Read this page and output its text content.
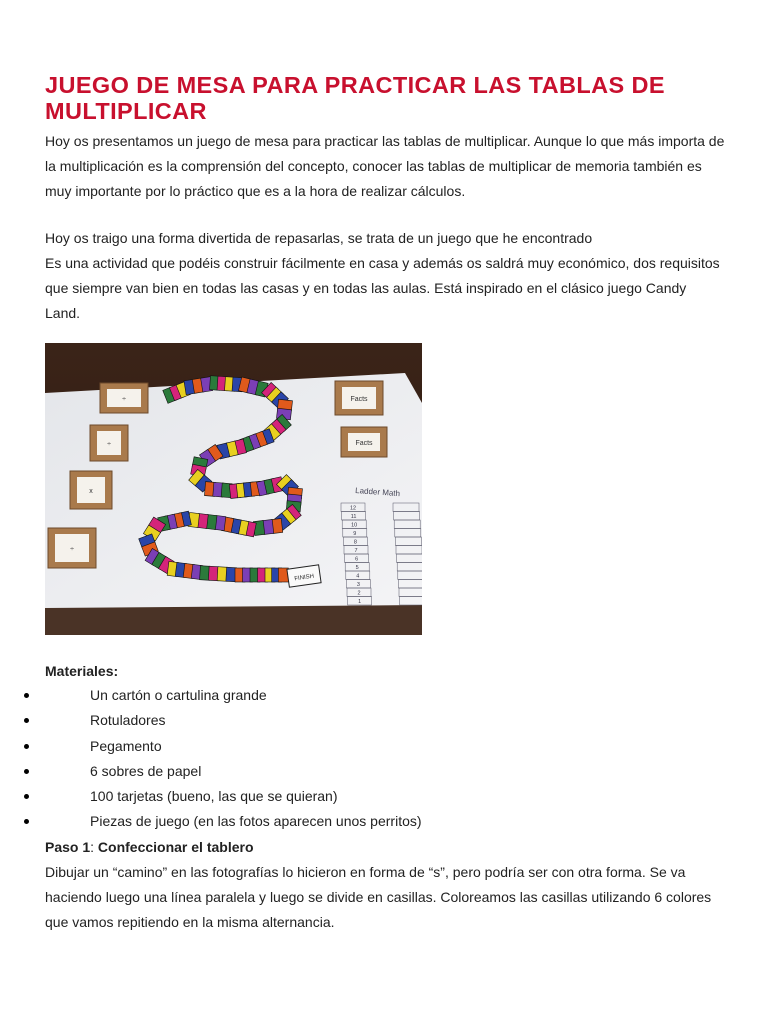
JUEGO DE MESA PARA PRACTICAR LAS TABLAS DE MULTIPLICAR

Hoy os presentamos un juego de mesa para practicar las tablas de multiplicar. Aunque lo que más importa de la multiplicación es la comprensión del concepto, conocer las tablas de multiplicar de memoria también es muy importante por lo práctico que es a la hora de realizar cálculos.

Hoy os traigo una forma divertida de repasarlas, se trata de un juego que he encontrado

Es una actividad que podéis construir fácilmente en casa y además os saldrá muy económico, dos requisitos que siempre van bien en todas las casas y en todas las aulas. Está inspirado en el clásico juego Candy Land.

÷
÷
x
÷
Facts
Facts
FINISH
Ladder Math
12
11
10
9
8
7
6
5
4
3
2
1
Materiales:
Un cartón o cartulina grande
Rotuladores
Pegamento
6 sobres de papel
100 tarjetas (bueno, las que se quieran)
Piezas de juego (en las fotos aparecen unos perritos)
Paso 1: Confeccionar el tablero

Dibujar un “camino” en las fotografías lo hicieron en forma de “s”, pero podría ser con otra forma. Se va haciendo luego una línea paralela y luego se divide en casillas. Coloreamos las casillas utilizando 6 colores que vamos repitiendo en la misma alternancia.
